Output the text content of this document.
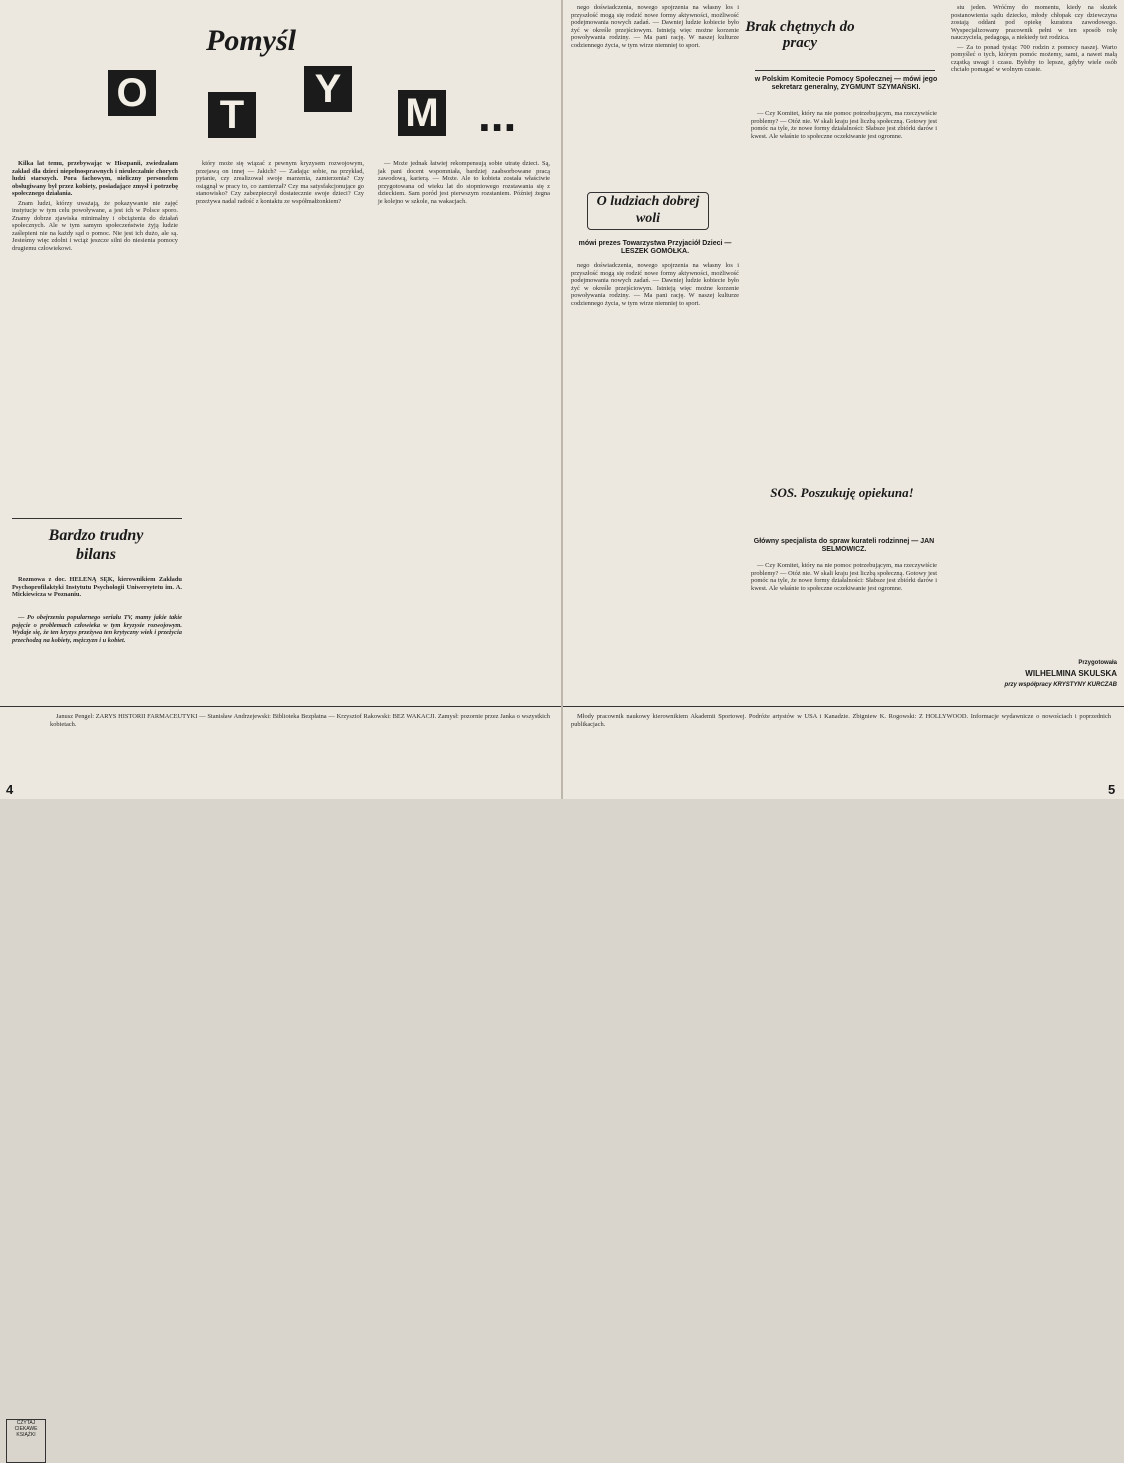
Pomyśl
O T
Y
M ...

Kilka lat temu, przebywając w Hiszpanii, zwiedzałam zakład dla dzieci niepełnosprawnych i nieuleczalnie chorych ludzi starszych. Pora fachowym, nieliczny personelem obsługiwany był przez kobiety, posiadające zmysł i potrzebę społecznego działania.

Znam ludzi, którzy uważają, że pokazywanie nie zajęć instytucje w tym celu powoływane, a jest ich w Polsce sporo. Znamy dobrze zjawiska minimalny i obciążenia do działań społecznych. Ale w tym samym społeczeństwie żyją ludzie zaślepieni nie na każdy sąd o pomoc. Nie jest ich dużo, ale są. Jesteśmy więc zdolni i wciąż jeszcze silni do niesienia pomocy drugiemu człowiekowi.

który może się wiązać z pewnym kryzysem rozwojowym, przejawą on innej — Jakich? — Zadając sobie, na przykład, pytanie, czy zrealizował swoje marzenia, zamierzenia? Czy osiągnął w pracy to, co zamierzał? Czy ma satysfakcjonujące go stanowisko? Czy zabezpieczył dostatecznie swoje dzieci? Czy przeżywa nadal radość z kontaktu ze współmałżonkiem?

— Może jednak łatwiej rekompensują sobie utratę dzieci. Są, jak pani docent wspomniała, bardziej zaabsorbowane pracą zawodową, karierą. — Może. Ale to kobieta została właściwie przygotowana od wieku lat do stopniowego rozstawania się z dzieckiem. Sam poród jest pierwszym rozstaniem. Później żegna je kolejno w szkole, na wakacjach.

Bardzo trudny bilans

Rozmowa z doc. HELENĄ SĘK, kierownikiem Zakładu Psychoprofilaktyki Instytutu Psychologii Uniwersytetu im. A. Mickiewicza w Poznaniu.

— Po obejrzeniu popularnego serialu TV, mamy jakie takie pojęcie o problemach człowieka w tym kryzysie rozwojowym. Wydaje się, że ten kryzys przeżywa ten krytyczny wiek i przeżycia przechodzą na kobiety, mężczyzn i u kobiet.

CZYTAJ CIEKAWE KSIĄŻKI

Janusz Pengel: ZARYS HISTORII FARMACEUTYKI — Stanisław Andrzejewski: Biblioteka Bezpłatna — Krzysztof Rakowski: BEZ WAKACJI. Zamysł: pozornie przez Janka o wszystkich kobietach.

4

nego doświadczenia, nowego spojrzenia na własny los i przyszłość mogą się rodzić nowe formy aktywności, możliwość podejmowania nowych zadań. — Dawniej ludzie kobiecie było żyć w określe przejściowym. Istnieją więc możne korzenie powoływania rodziny. — Ma pani rację. W naszej kulturze codziennego życia, w tym wirze niemniej to sport.

Brak chętnych do pracy
w Polskim Komitecie Pomocy Społecznej — mówi jego sekretarz generalny, ZYGMUNT SZYMAŃSKI.

— Czy Komitet, który na nie pomoc potrzebującym, ma rzeczywiście problemy? — Otóż nie. W skali kraju jest liczbą społeczną. Gotowy jest pomóc na tyle, że nowe formy działalności: Słabsze jest zbiórki darów i kwest. Ale właśnie to społeczne oczekiwanie jest ogromne.

O ludziach dobrej woli
mówi prezes Towarzystwa Przyjaciół Dzieci — LESZEK GOMÓŁKA.

nego doświadczenia, nowego spojrzenia na własny los i przyszłość mogą się rodzić nowe formy aktywności, możliwość podejmowania nowych zadań. — Dawniej ludzie kobiecie było żyć w określe przejściowym. Istnieją więc możne korzenie powoływania rodziny. — Ma pani rację. W naszej kulturze codziennego życia, w tym wirze niemniej to sport.

SOS. Poszukuję opiekuna!
Główny specjalista do spraw kurateli rodzinnej — JAN SELMOWICZ.

— Czy Komitet, który na nie pomoc potrzebującym, ma rzeczywiście problemy? — Otóż nie. W skali kraju jest liczbą społeczną. Gotowy jest pomóc na tyle, że nowe formy działalności: Słabsze jest zbiórki darów i kwest. Ale właśnie to społeczne oczekiwanie jest ogromne.

stu jeden. Wróćmy do momentu, kiedy na skutek postanowienia sądu dziecko, młody chłopak czy dziewczyna zostają oddani pod opiekę kuratora zawodowego. Wyspecjalizowany pracownik pełni w ten sposób rolę nauczyciela, pedagoga, a niekiedy też rodzica.

— Za to ponad tysiąc 700 rodzin z pomocy naszej. Warto pomyśleć o tych, którym pomóc możemy, sami, a nawet małą cząstką uwagi i czasu. Byłoby to lepsze, gdyby wiele osób chciało pomagać w wolnym czasie.

Przygotowała
WILHELMINA SKULSKA
przy współpracy KRYSTYNY KURCZAB

Młody pracownik naukowy kierownikiem Akademii Sportowej. Podróże artystów w USA i Kanadzie. Zbigniew K. Rogowski: Z HOLLYWOOD. Informacje wydawnicze o nowościach i poprzednich publikacjach.

5
